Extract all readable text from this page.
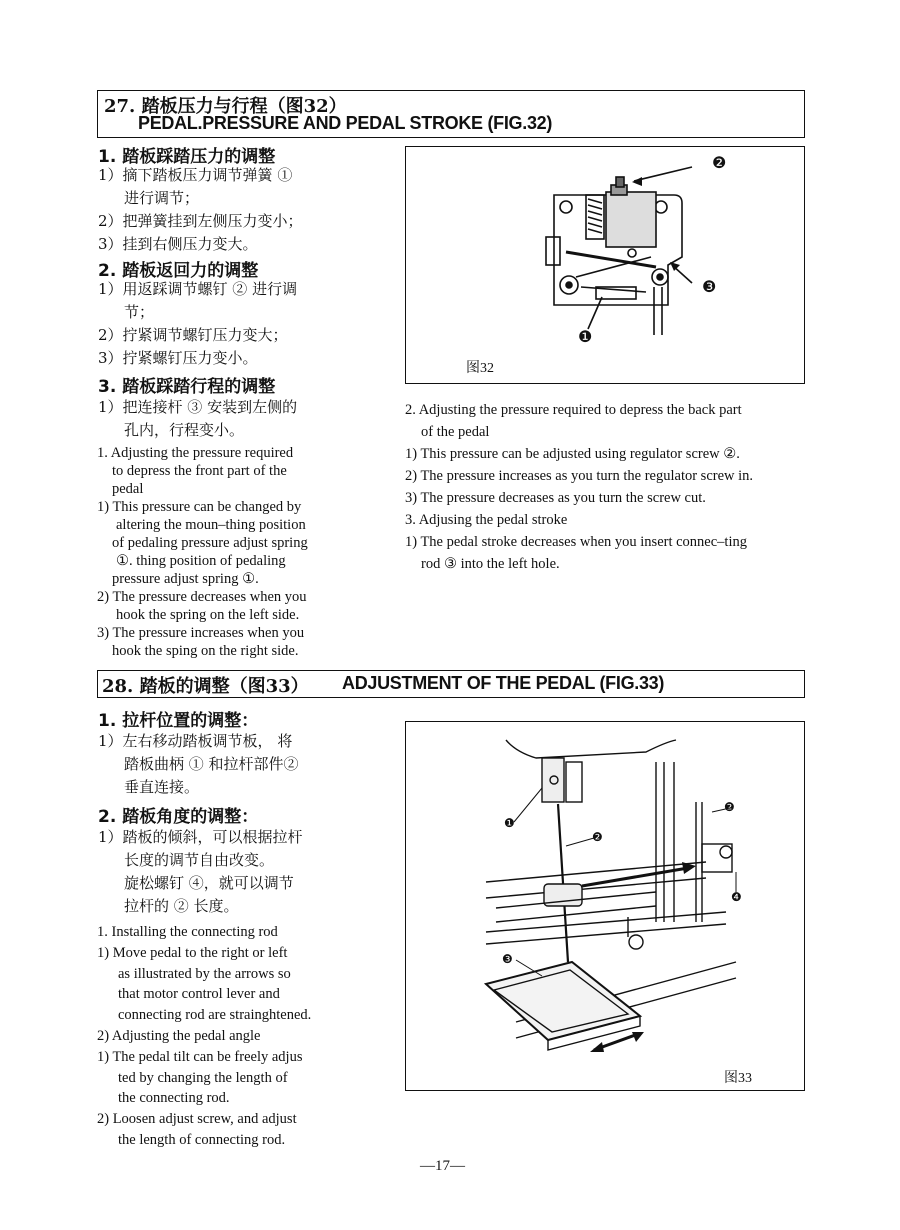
27. 踏板压力与行程（图32）
PEDAL.PRESSURE AND PEDAL STROKE (FIG.32)
1. 踏板踩踏压力的调整
1）摘下踏板压力调节弹簧 ①
进行调节；
2）把弹簧挂到左侧压力变小；
3）挂到右侧压力变大。
2. 踏板返回力的调整
1）用返踩调节螺钉 ② 进行调
节；
2）拧紧调节螺钉压力变大；
3）拧紧螺钉压力变小。
3. 踏板踩踏行程的调整
1）把连接杆 ③ 安装到左侧的
孔内，行程变小。
1. Adjusting the pressure required
to depress the front part of the
pedal
1) This pressure can be changed by
altering the moun–thing position
of pedaling pressure adjust spring
①. thing position of pedaling
pressure adjust spring ①.
2) The pressure decreases when you
hook the spring on the left side.
3) The pressure increases when you
hook the sping on the right side.
❷
❸
❶
图32
2. Adjusting the pressure required to depress the back part
of the pedal
1) This pressure can be adjusted using regulator screw ②.
2) The pressure increases as you turn the regulator screw in.
3) The pressure decreases as you turn the screw cut.
3. Adjusing the pedal stroke
1) The pedal stroke decreases when you insert connec–ting
rod ③ into the left hole.
28. 踏板的调整（图33） ADJUSTMENT OF THE PEDAL (FIG.33)
1. 拉杆位置的调整：
1）左右移动踏板调节板， 将
踏板曲柄 ① 和拉杆部件②
垂直连接。
2. 踏板角度的调整：
1）踏板的倾斜，可以根据拉杆
长度的调节自由改变。
旋松螺钉 ④，就可以调节
拉杆的 ② 长度。
1. Installing the connecting rod
1) Move pedal to the right or left
as illustrated by the arrows so
that motor control lever and
connecting rod are strainghtened.
2) Adjusting the pedal angle
1) The pedal tilt can be freely adjus
ted by changing the length of
the connecting rod.
2) Loosen adjust screw, and adjust
the length of connecting rod.
❶
❷
❷
❹
❸
图33
—17—
